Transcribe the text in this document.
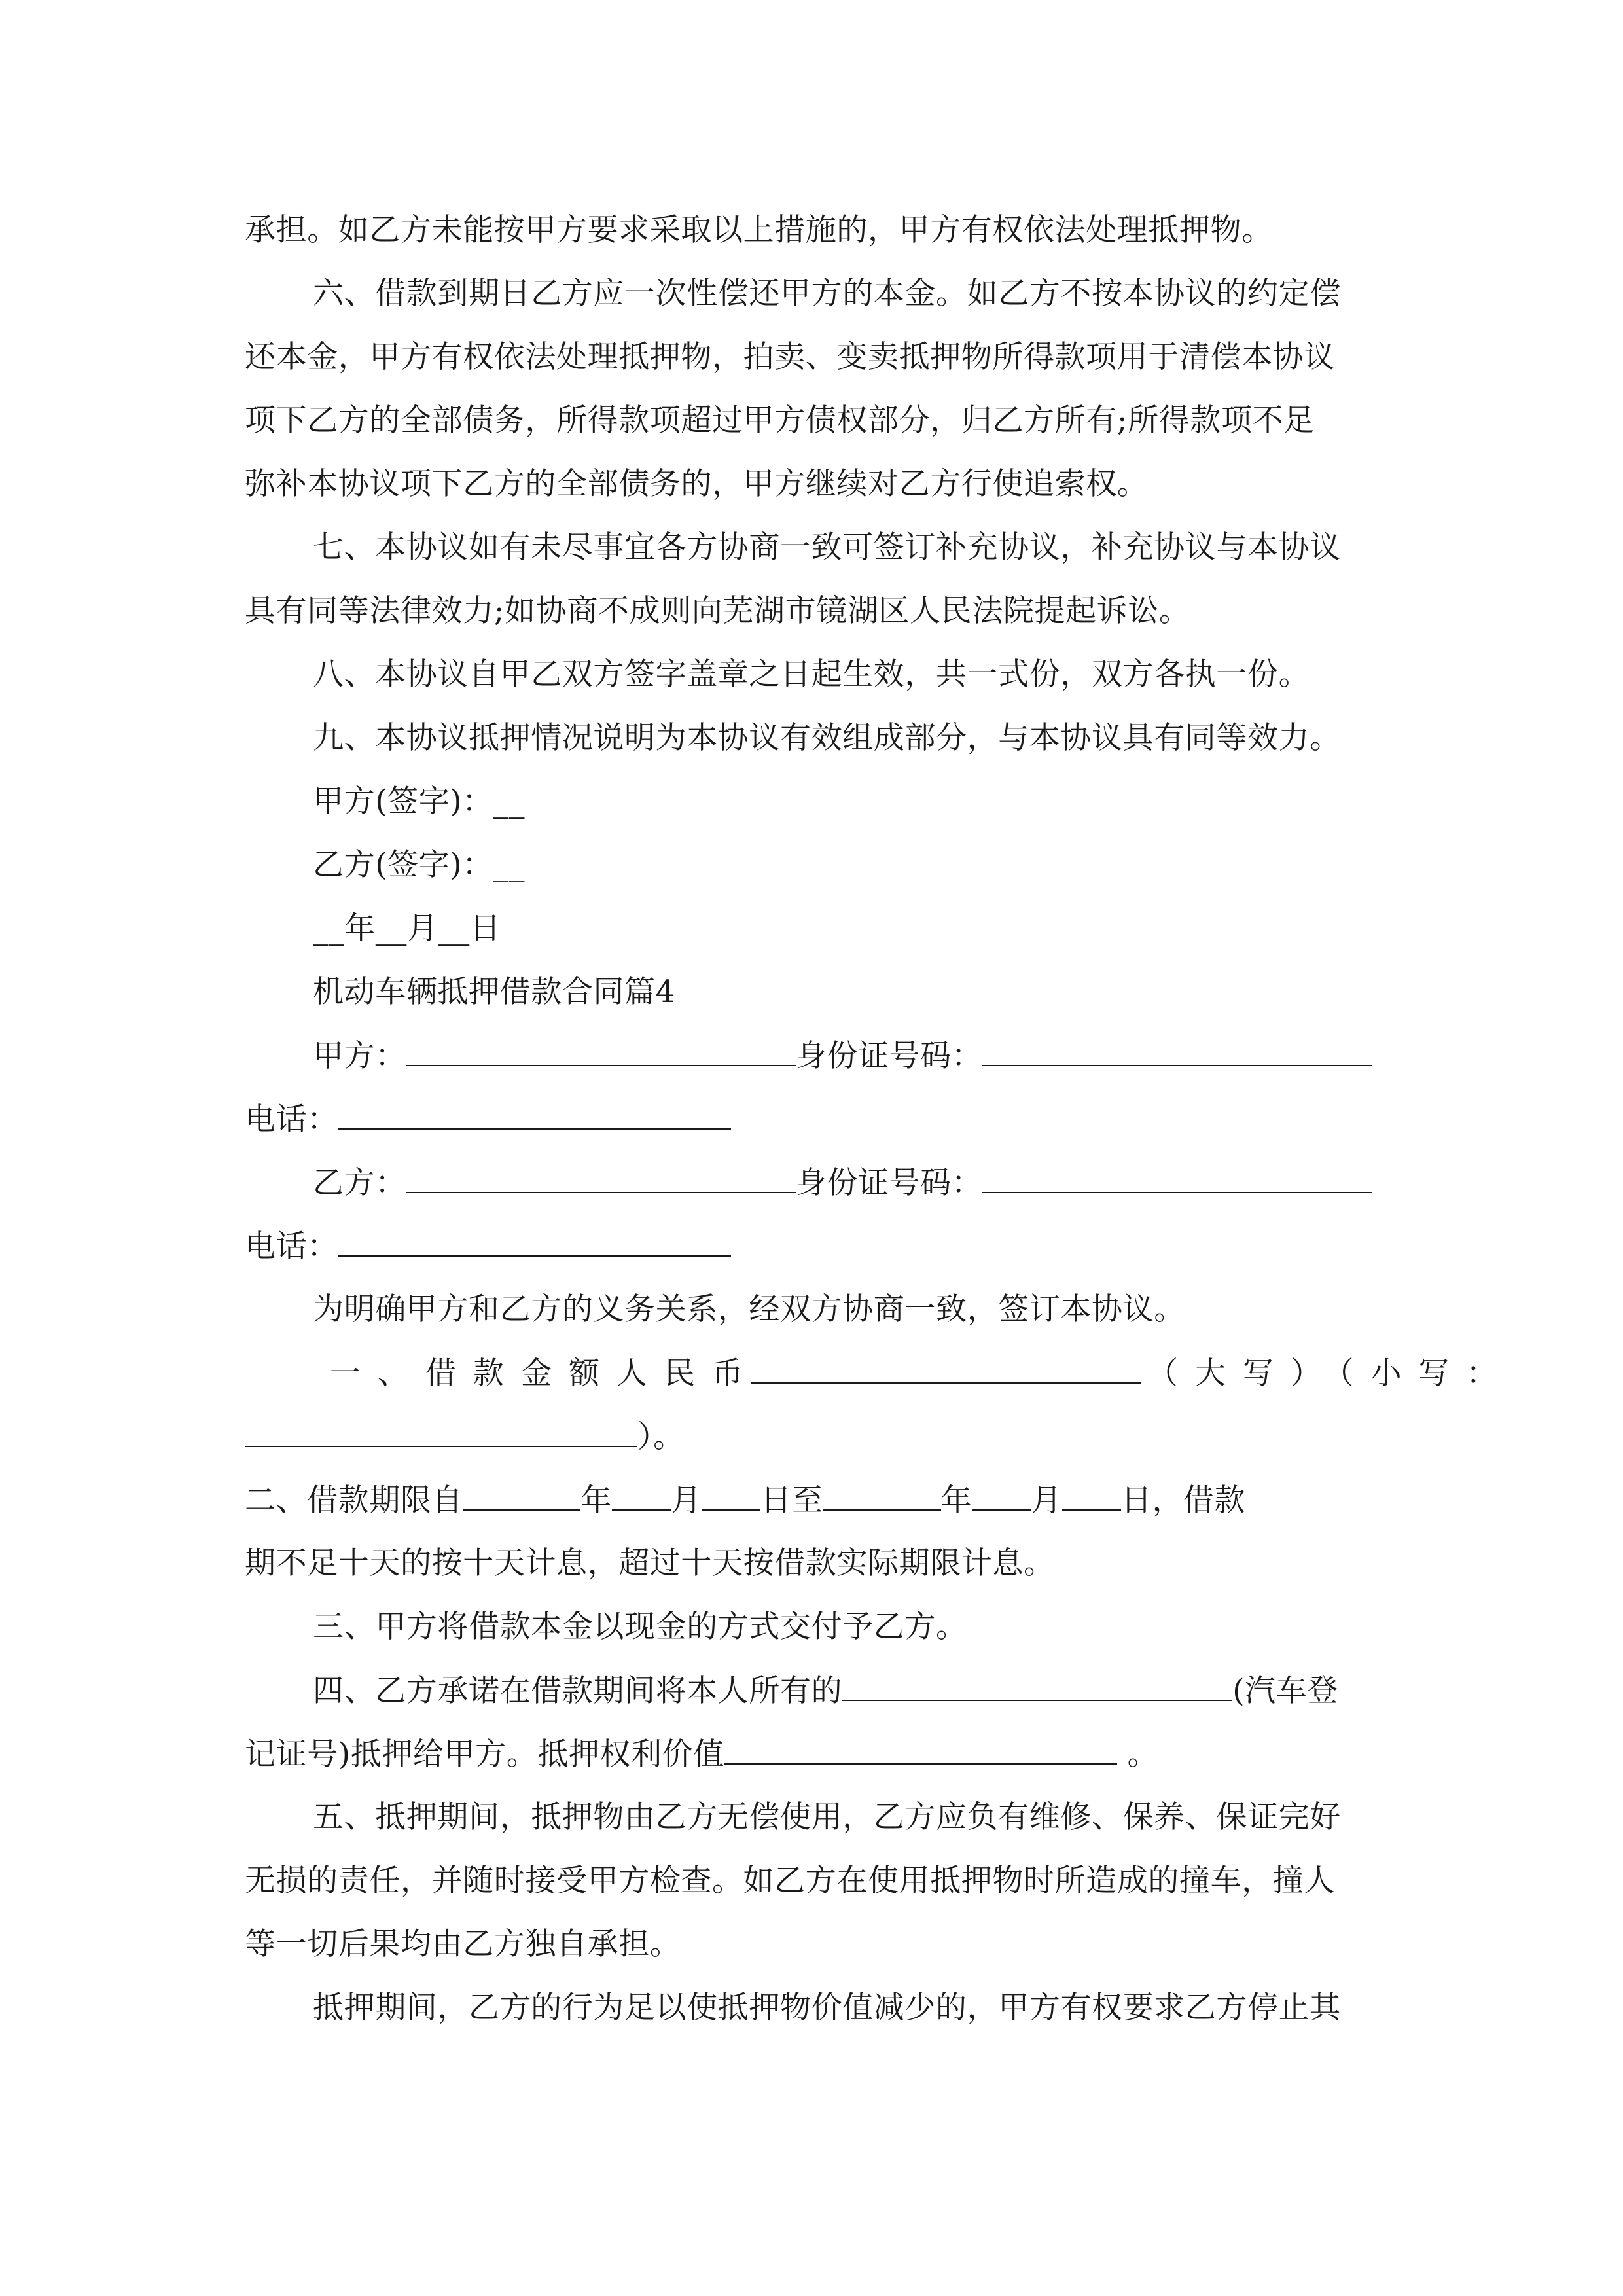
承担。如乙方未能按甲方要求采取以上措施的，甲方有权依法处理抵押物。
六、借款到期日乙方应一次性偿还甲方的本金。如乙方不按本协议的约定偿
还本金，甲方有权依法处理抵押物，拍卖、变卖抵押物所得款项用于清偿本协议
项下乙方的全部债务，所得款项超过甲方债权部分，归乙方所有;所得款项不足
弥补本协议项下乙方的全部债务的，甲方继续对乙方行使追索权。
七、本协议如有未尽事宜各方协商一致可签订补充协议，补充协议与本协议
具有同等法律效力;如协商不成则向芜湖市镜湖区人民法院提起诉讼。
八、本协议自甲乙双方签字盖章之日起生效，共一式份，双方各执一份。
九、本协议抵押情况说明为本协议有效组成部分，与本协议具有同等效力。
甲方(签字)：__
乙方(签字)：__
__年__月__日
机动车辆抵押借款合同篇4
甲方：	身份证号码：
电话：
乙方：	身份证号码：
电话：
为明确甲方和乙方的义务关系，经双方协商一致，签订本协议。
一、借款金额人民币	（大写）（小写：
）。
二、借款期限自	年 月 日至	年 月 日，借款
期不足十天的按十天计息，超过十天按借款实际期限计息。
三、甲方将借款本金以现金的方式交付予乙方。
四、乙方承诺在借款期间将本人所有的	(汽车登
记证号)抵押给甲方。抵押权利价值	。
五、抵押期间，抵押物由乙方无偿使用，乙方应负有维修、保养、保证完好
无损的责任，并随时接受甲方检查。如乙方在使用抵押物时所造成的撞车，撞人
等一切后果均由乙方独自承担。
抵押期间，乙方的行为足以使抵押物价值减少的，甲方有权要求乙方停止其
